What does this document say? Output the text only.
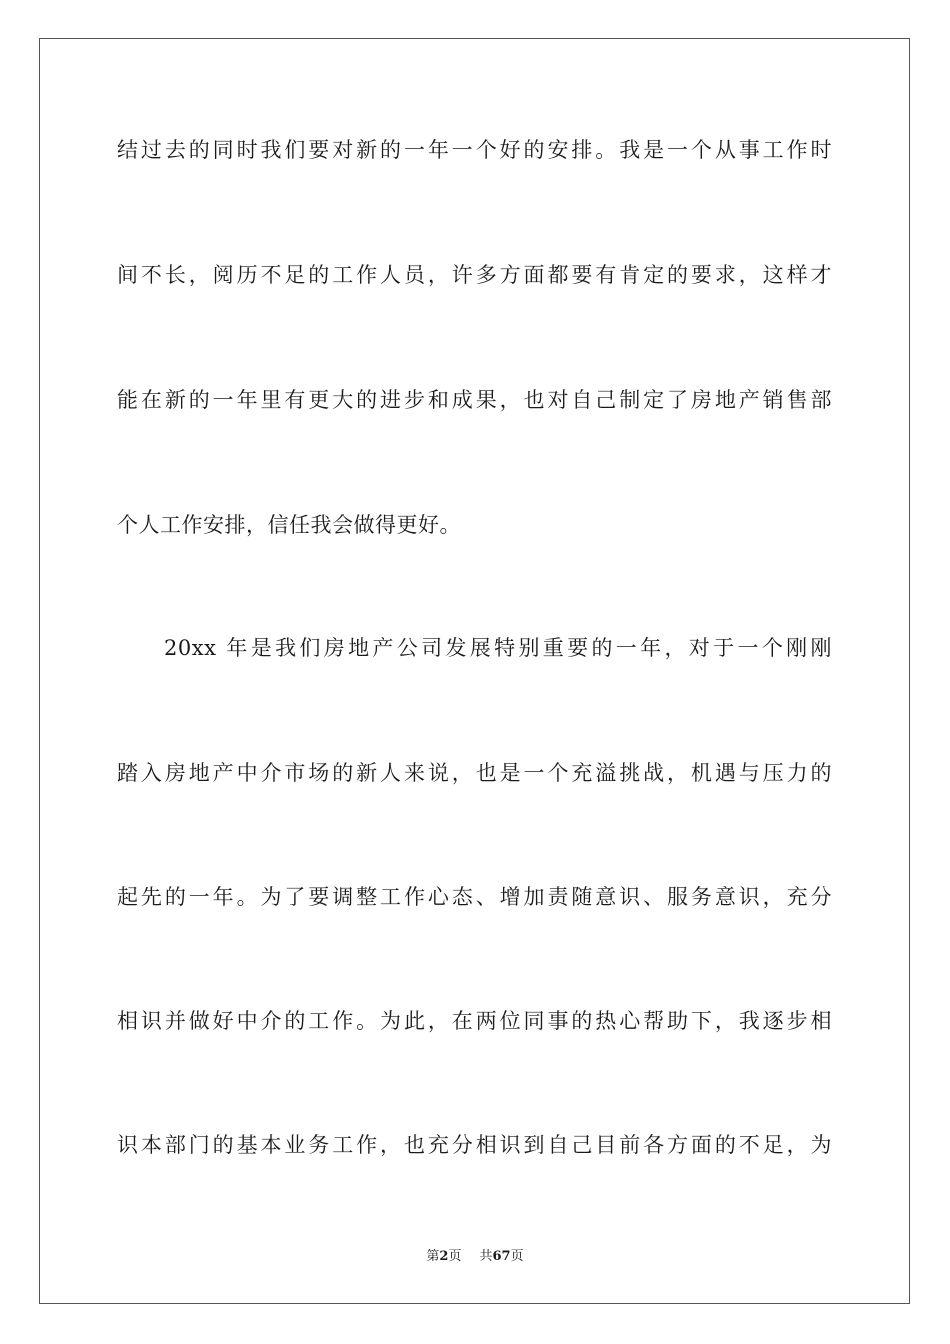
结过去的同时我们要对新的一年一个好的安排。我是一个从事工作时
间不长，阅历不足的工作人员，许多方面都要有肯定的要求，这样才
能在新的一年里有更大的进步和成果，也对自己制定了房地产销售部
个人工作安排，信任我会做得更好。
20xx 年是我们房地产公司发展特别重要的一年，对于一个刚刚
踏入房地产中介市场的新人来说，也是一个充溢挑战，机遇与压力的
起先的一年。为了要调整工作心态、增加责随意识、服务意识，充分
相识并做好中介的工作。为此，在两位同事的热心帮助下，我逐步相
识本部门的基本业务工作，也充分相识到自己目前各方面的不足，为
第2页 共67页
